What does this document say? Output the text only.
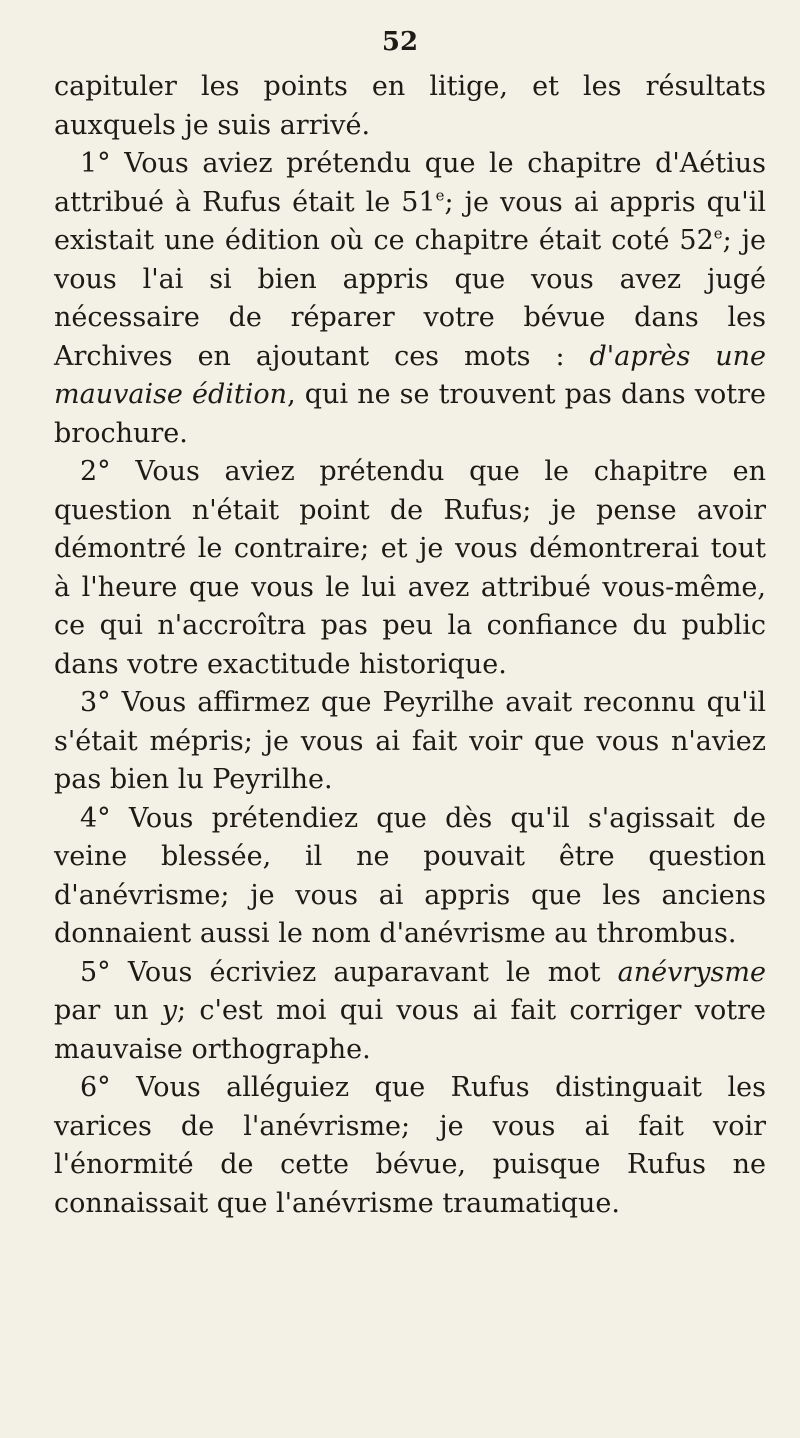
52

capituler les points en litige, et les résultats auxquels je suis arrivé.

1° Vous aviez prétendu que le chapitre d'Aétius attribué à Rufus était le 51e; je vous ai appris qu'il existait une édition où ce chapitre était coté 52e; je vous l'ai si bien appris que vous avez jugé nécessaire de réparer votre bévue dans les Archives en ajoutant ces mots : d'après une mauvaise édition, qui ne se trouvent pas dans votre brochure.

2° Vous aviez prétendu que le chapitre en question n'était point de Rufus; je pense avoir démontré le contraire; et je vous démontrerai tout à l'heure que vous le lui avez attribué vous-même, ce qui n'accroîtra pas peu la confiance du public dans votre exactitude historique.

3° Vous affirmez que Peyrilhe avait reconnu qu'il s'était mépris; je vous ai fait voir que vous n'aviez pas bien lu Peyrilhe.

4° Vous prétendiez que dès qu'il s'agissait de veine blessée, il ne pouvait être question d'anévrisme; je vous ai appris que les anciens donnaient aussi le nom d'anévrisme au thrombus.

5° Vous écriviez auparavant le mot anévrysme par un y; c'est moi qui vous ai fait corriger votre mauvaise orthographe.

6° Vous alléguiez que Rufus distinguait les varices de l'anévrisme; je vous ai fait voir l'énormité de cette bévue, puisque Rufus ne connaissait que l'anévrisme traumatique.
